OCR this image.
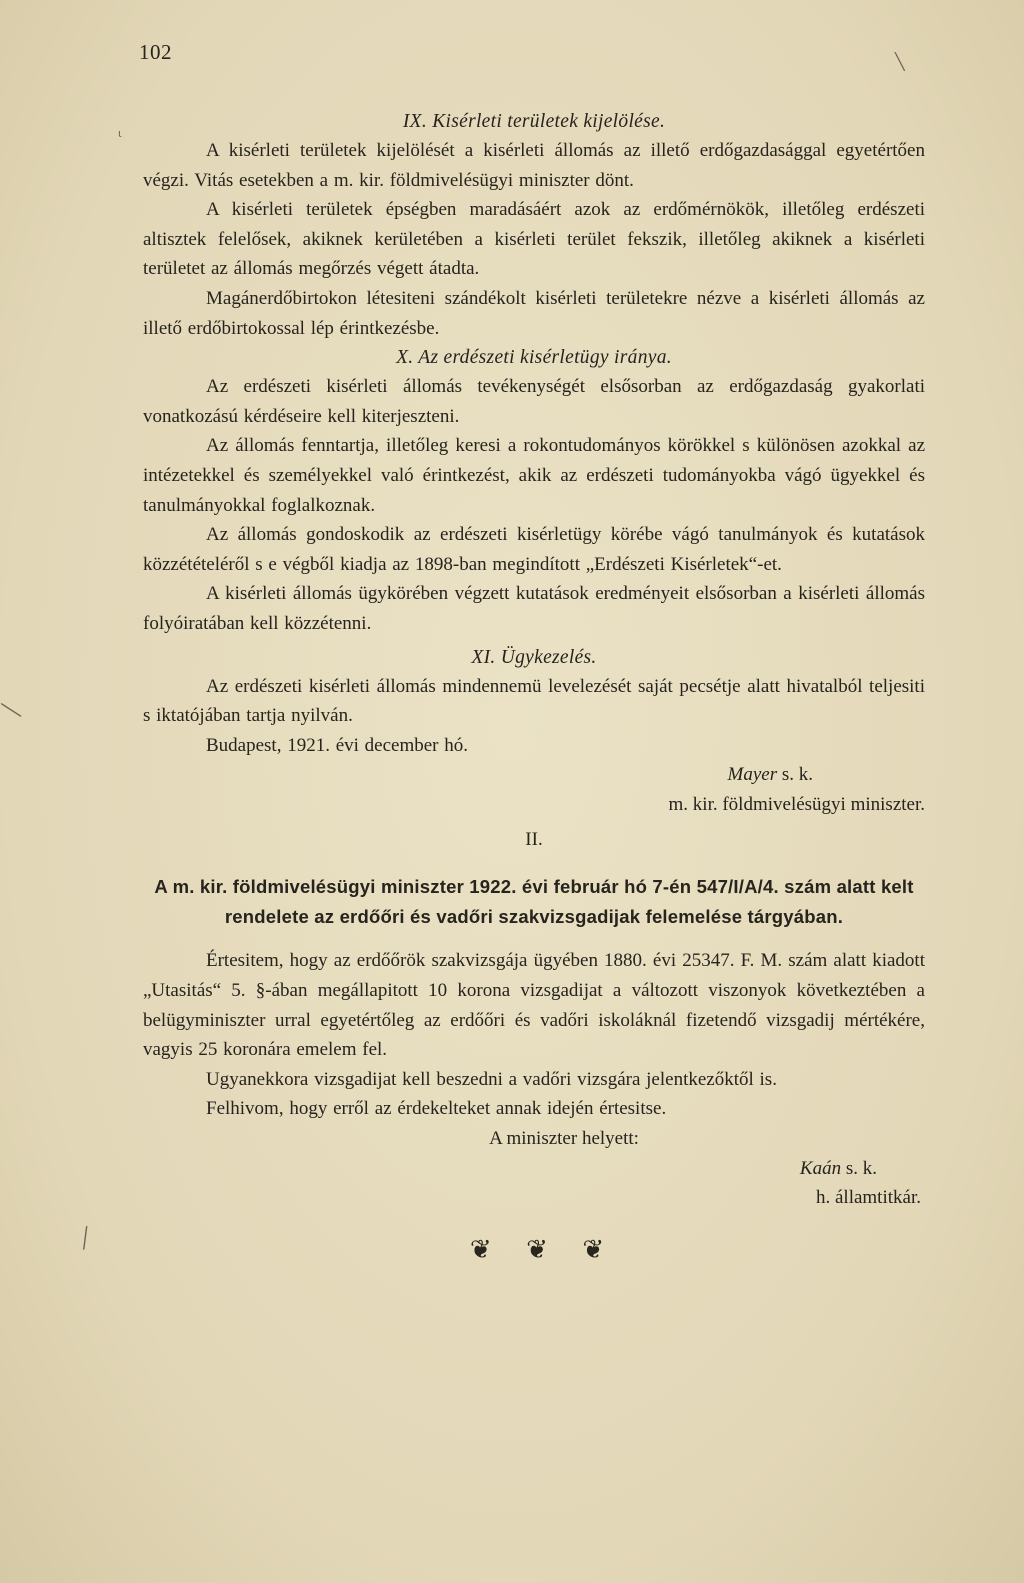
102
ι
IX. Kisérleti területek kijelölése.

A kisérleti területek kijelölését a kisérleti állomás az illető erdőgazdasággal egyetértően végzi. Vitás esetekben a m. kir. földmivelésügyi miniszter dönt.

A kisérleti területek épségben maradásáért azok az erdőmérnökök, illetőleg erdészeti altisztek felelősek, akiknek kerületében a kisérleti terület fekszik, illetőleg akiknek a kisérleti területet az állomás megőrzés végett átadta.

Magánerdőbirtokon létesiteni szándékolt kisérleti területekre nézve a kisérleti állomás az illető erdőbirtokossal lép érintkezésbe.

X. Az erdészeti kisérletügy iránya.

Az erdészeti kisérleti állomás tevékenységét elsősorban az erdőgazdaság gyakorlati vonatkozású kérdéseire kell kiterjeszteni.

Az állomás fenntartja, illetőleg keresi a rokontudományos körökkel s különösen azokkal az intézetekkel és személyekkel való érintkezést, akik az erdészeti tudományokba vágó ügyekkel és tanulmányokkal foglalkoznak.

Az állomás gondoskodik az erdészeti kisérletügy körébe vágó tanulmányok és kutatások közzétételéről s e végből kiadja az 1898-ban megindított „Erdészeti Kisérletek“-et.

A kisérleti állomás ügykörében végzett kutatások eredményeit elsősorban a kisérleti állomás folyóiratában kell közzétenni.

XI. Ügykezelés.

Az erdészeti kisérleti állomás mindennemü levelezését saját pecsétje alatt hivatalból teljesiti s iktatójában tartja nyilván.

Budapest, 1921. évi december hó.

Mayer s. k.
m. kir. földmivelésügyi miniszter.
II.
A m. kir. földmivelésügyi miniszter 1922. évi február hó 7-én 547/I/A/4. szám alatt kelt rendelete az erdőőri és vadőri szakvizsgadijak felemelése tárgyában.

Értesitem, hogy az erdőőrök szakvizsgája ügyében 1880. évi 25347. F. M. szám alatt kiadott „Utasitás“ 5. §-ában megállapitott 10 korona vizsgadijat a változott viszonyok következtében a belügyminiszter urral egyetértőleg az erdőőri és vadőri iskoláknál fizetendő vizsgadij mértékére, vagyis 25 koronára emelem fel.

Ugyanekkora vizsgadijat kell beszedni a vadőri vizsgára jelentkezőktől is.

Felhivom, hogy erről az érdekelteket annak idején értesitse.

A miniszter helyett:
Kaán s. k.
h. államtitkár.
❦ ❦ ❦
╲
╱
╲
